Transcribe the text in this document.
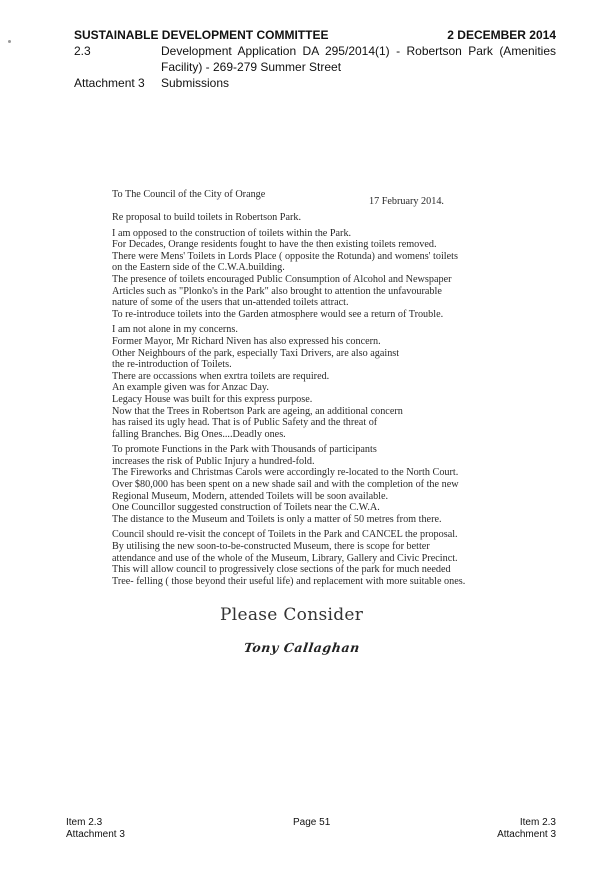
SUSTAINABLE DEVELOPMENT COMMITTEE	2 DECEMBER 2014
2.3	Development Application DA 295/2014(1) - Robertson Park (Amenities
Facility) - 269-279 Summer Street
Attachment 3 Submissions
To The Council of the City of Orange
17 February 2014.
Re proposal to build toilets in Robertson Park.
I am opposed to the construction of toilets within the Park.
For Decades, Orange residents fought to have the then existing toilets removed.
There were Mens' Toilets in Lords Place ( opposite the Rotunda) and womens' toilets
on the Eastern side of the C.W.A.building.
The presence of toilets encouraged Public Consumption of Alcohol and Newspaper
Articles such as "Plonko's in the Park" also brought to attention the unfavourable
nature of some of the users that un-attended toilets attract.
To re-introduce toilets into the Garden atmosphere would see a return of Trouble.
I am not alone in my concerns.
Former Mayor, Mr Richard Niven has also expressed his concern.
Other Neighbours of the park, especially Taxi Drivers, are also against
the re-introduction of Toilets.
There are occassions when exrtra toilets are required.
An example given was for Anzac Day.
Legacy House was built for this express purpose.
Now that the Trees in Robertson Park are ageing, an additional concern
has raised its ugly head. That is of Public Safety and the threat of
falling Branches. Big Ones....Deadly ones.
To promote Functions in the Park with Thousands of participants
increases the risk of Public Injury a hundred-fold.
The Fireworks and Christmas Carols were accordingly re-located to the North Court.
Over $80,000 has been spent on a new shade sail and with the completion of the new
Regional Museum, Modern, attended Toilets will be soon available.
One Councillor suggested construction of Toilets near the C.W.A.
The distance to the Museum and Toilets is only a matter of 50 metres from there.
Council should re-visit the concept of Toilets in the Park and CANCEL the proposal.
By utilising the new soon-to-be-constructed Museum, there is scope for better
attendance and use of the whole of the Museum, Library, Gallery and Civic Precinct.
This will allow council to progressively close sections of the park for much needed
Tree- felling ( those beyond their useful life) and replacement with more suitable ones.
Please Consider
Tony Callaghan
Item 2.3
Attachment 3
Page 51	Item 2.3
Attachment 3
